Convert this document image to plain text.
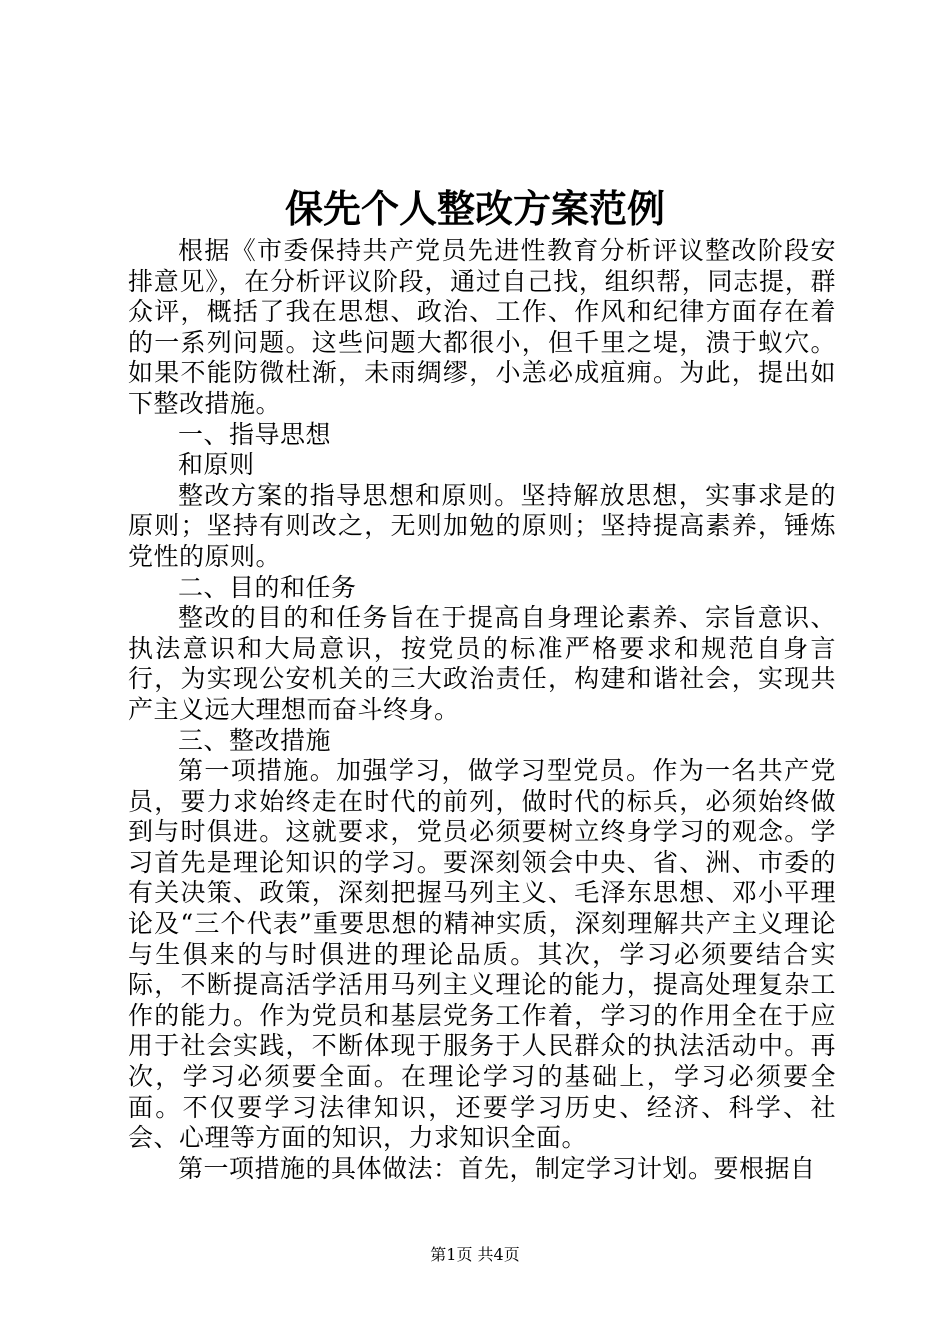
保先个人整改方案范例

根据《市委保持共产党员先进性教育分析评议整改阶段安排意见》，在分析评议阶段，通过自己找，组织帮，同志提，群众评，概括了我在思想、政治、工作、作风和纪律方面存在着的一系列问题。这些问题大都很小，但千里之堤，溃于蚁穴。如果不能防微杜渐，未雨绸缪，小恙必成疽痈。为此，提出如下整改措施。

一、指导思想

和原则

整改方案的指导思想和原则。坚持解放思想，实事求是的原则；坚持有则改之，无则加勉的原则；坚持提高素养，锤炼党性的原则。

二、目的和任务

整改的目的和任务旨在于提高自身理论素养、宗旨意识、执法意识和大局意识，按党员的标准严格要求和规范自身言行，为实现公安机关的三大政治责任，构建和谐社会，实现共产主义远大理想而奋斗终身。

三、整改措施

第一项措施。加强学习，做学习型党员。作为一名共产党员，要力求始终走在时代的前列，做时代的标兵，必须始终做到与时俱进。这就要求，党员必须要树立终身学习的观念。学习首先是理论知识的学习。要深刻领会中央、省、洲、市委的有关决策、政策，深刻把握马列主义、毛泽东思想、邓小平理论及“三个代表”重要思想的精神实质，深刻理解共产主义理论与生俱来的与时俱进的理论品质。其次，学习必须要结合实际，不断提高活学活用马列主义理论的能力，提高处理复杂工作的能力。作为党员和基层党务工作着，学习的作用全在于应用于社会实践，不断体现于服务于人民群众的执法活动中。再次，学习必须要全面。在理论学习的基础上，学习必须要全面。不仅要学习法律知识，还要学习历史、经济、科学、社会、心理等方面的知识，力求知识全面。

第一项措施的具体做法：首先，制定学习计划。要根据自

第1页 共4页
